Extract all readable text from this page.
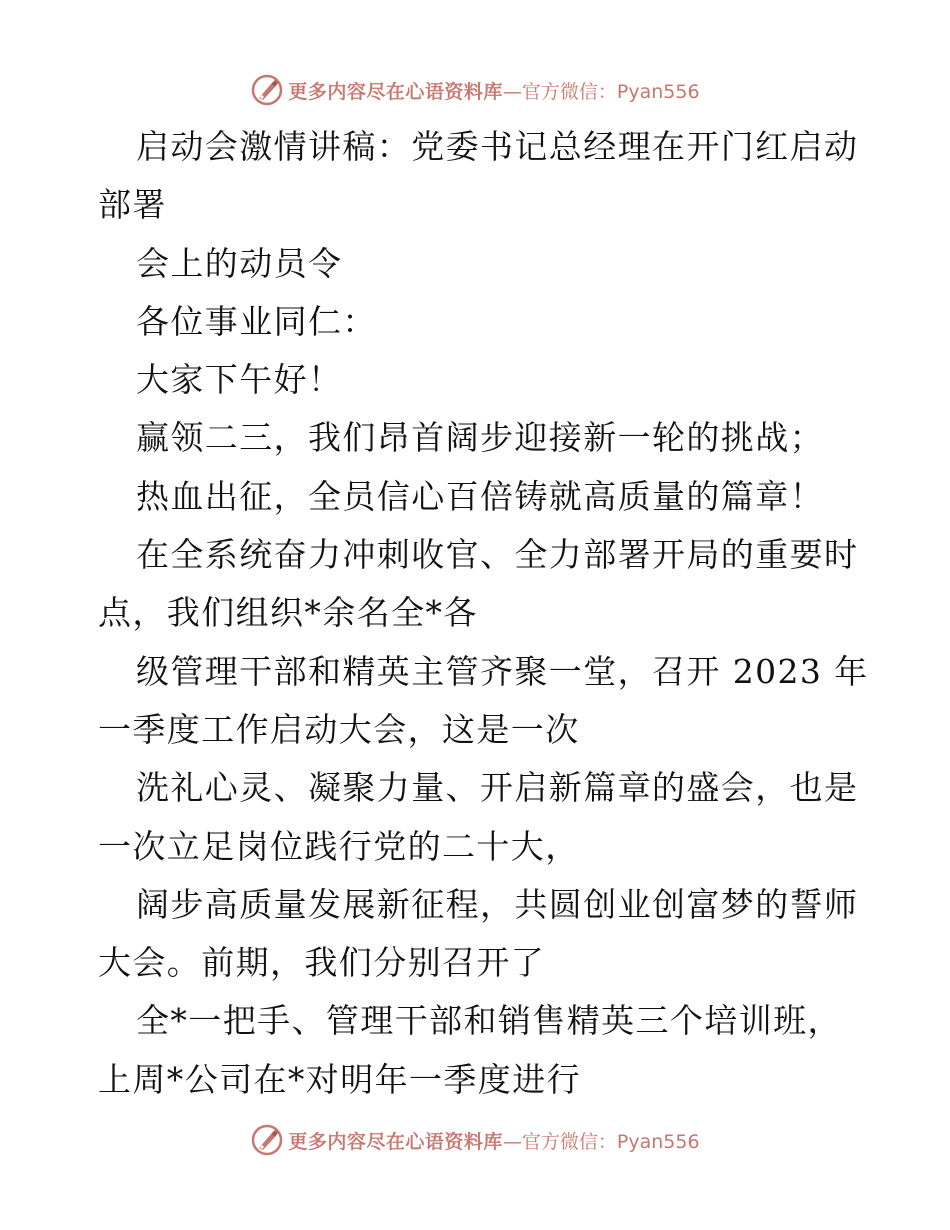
更多内容尽在心语资料库 —官方微信：Pyan556
启动会激情讲稿：党委书记总经理在开门红启动
部署
会上的动员令
各位事业同仁：
大家下午好！
赢领二三，我们昂首阔步迎接新一轮的挑战；
热血出征，全员信心百倍铸就高质量的篇章！
在全系统奋力冲刺收官、全力部署开局的重要时
点，我们组织*余名全*各
级管理干部和精英主管齐聚一堂，召开 2023 年
一季度工作启动大会，这是一次
洗礼心灵、凝聚力量、开启新篇章的盛会，也是
一次立足岗位践行党的二十大，
阔步高质量发展新征程，共圆创业创富梦的誓师
大会。前期，我们分别召开了
全*一把手、管理干部和销售精英三个培训班，
上周*公司在*对明年一季度进行
更多内容尽在心语资料库 —官方微信：Pyan556
